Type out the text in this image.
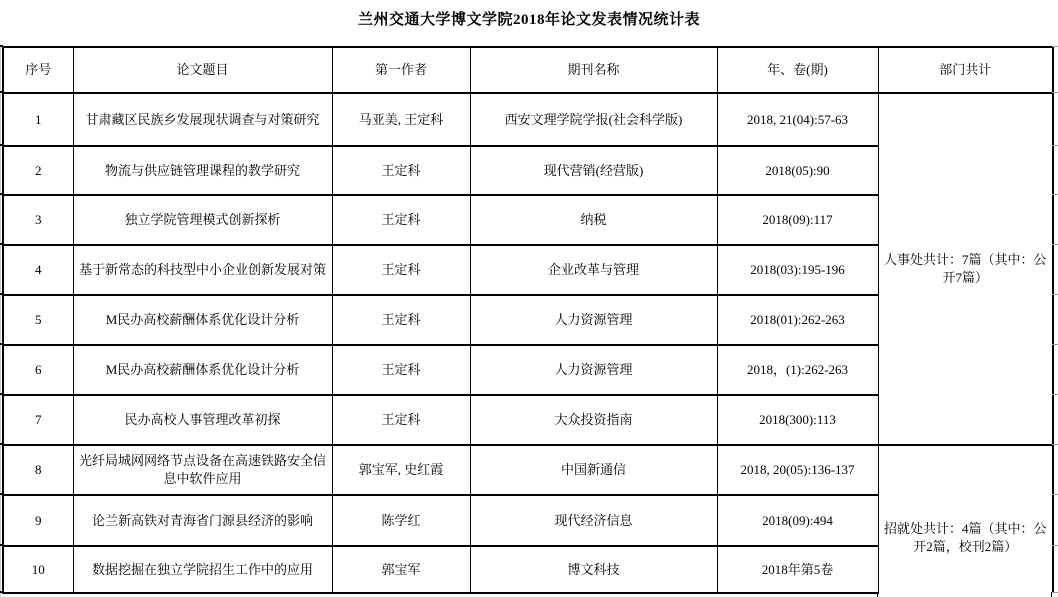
兰州交通大学博文学院2018年论文发表情况统计表
序号	论文题目	第一作者	期刊名称	年、卷(期)	部门共计
1	甘肃藏区民族乡发展现状调查与对策研究	马亚美, 王定科	西安文理学院学报(社会科学版)	2018, 21(04):57-63	人事处共计：7篇（其中：公开7篇）
2	物流与供应链管理课程的教学研究	王定科	现代营销(经营版)	2018(05):90	
3	独立学院管理模式创新探析	王定科	纳税	2018(09):117	
4	基于新常态的科技型中小企业创新发展对策	王定科	企业改革与管理	2018(03):195-196	
5	M民办高校薪酬体系优化设计分析	王定科	人力资源管理	2018(01):262-263	
6	M民办高校薪酬体系优化设计分析	王定科	人力资源管理	2018，(1):262-263	
7	民办高校人事管理改革初探	王定科	大众投资指南	2018(300):113	
8	光纤局城网网络节点设备在高速铁路安全信息中软件应用	郭宝军, 史红霞	中国新通信	2018, 20(05):136-137	招就处共计：4篇（其中：公开2篇，校刊2篇）
9	论兰新高铁对青海省门源县经济的影响	陈学红	现代经济信息	2018(09):494	
10	数据挖掘在独立学院招生工作中的应用	郭宝军	博文科技	2018年第5卷	
